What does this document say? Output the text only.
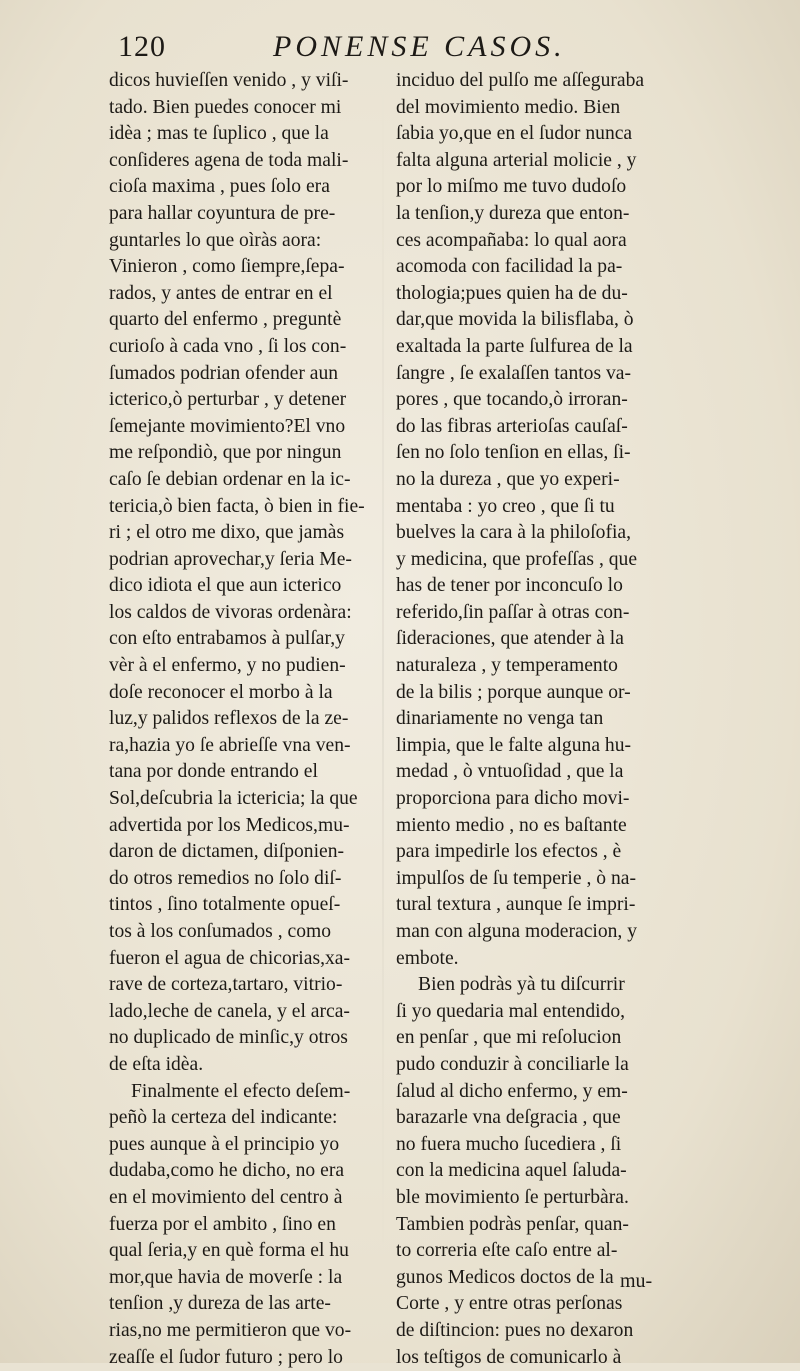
120	PONENSE CASOS.
dicos huvieſſen venido , y viſi-
tado. Bien puedes conocer mi
idèa ; mas te ſuplico , que la
conſideres agena de toda mali-
cioſa maxima , pues ſolo era
para hallar coyuntura de pre-
guntarles lo que oìràs aora:
Vinieron , como ſiempre,ſepa-
rados, y antes de entrar en el
quarto del enfermo , preguntè
curioſo à cada vno , ſi los con-
ſumados podrian ofender aun
icterico,ò perturbar , y detener
ſemejante movimiento?El vno
me reſpondiò, que por ningun
caſo ſe debian ordenar en la ic-
tericia,ò bien facta, ò bien in fie-
ri ; el otro me dixo, que jamàs
podrian aprovechar,y ſeria Me-
dico idiota el que aun icterico
los caldos de vivoras ordenàra:
con eſto entrabamos à pulſar,y
vèr à el enfermo, y no pudien-
doſe reconocer el morbo à la
luz,y palidos reflexos de la ze-
ra,hazia yo ſe abrieſſe vna ven-
tana por donde entrando el
Sol,deſcubria la ictericia; la que
advertida por los Medicos,mu-
daron de dictamen, diſponien-
do otros remedios no ſolo diſ-
tintos , ſino totalmente opueſ-
tos à los conſumados , como
fueron el agua de chicorias,xa-
rave de corteza,tartaro, vitrio-
lado,leche de canela, y el arca-
no duplicado de minſic,y otros
de eſta idèa.
Finalmente el efecto deſem-
peñò la certeza del indicante:
pues aunque à el principio yo
dudaba,como he dicho, no era
en el movimiento del centro à
fuerza por el ambito , ſino en
qual ſeria,y en què forma el hu
mor,que havia de moverſe : la
tenſion ,y dureza de las arte-
rias,no me permitieron que vo-
zeaſſe el ſudor futuro ; pero lo
inciduo del pulſo me aſſeguraba
del movimiento medio. Bien
ſabia yo,que en el ſudor nunca
falta alguna arterial molicie , y
por lo miſmo me tuvo dudoſo
la tenſion,y dureza que enton-
ces acompañaba: lo qual aora
acomoda con facilidad la pa-
thologia;pues quien ha de du-
dar,que movida la bilisflaba, ò
exaltada la parte ſulfurea de la
ſangre , ſe exalaſſen tantos va-
pores , que tocando,ò irroran-
do las fibras arterioſas cauſaſ-
ſen no ſolo tenſion en ellas, ſi-
no la dureza , que yo experi-
mentaba : yo creo , que ſi tu
buelves la cara à la philoſofia,
y medicina, que profeſſas , que
has de tener por inconcuſo lo
referido,ſin paſſar à otras con-
ſideraciones, que atender à la
naturaleza , y temperamento
de la bilis ; porque aunque or-
dinariamente no venga tan
limpia, que le falte alguna hu-
medad , ò vntuoſidad , que la
proporciona para dicho movi-
miento medio , no es baſtante
para impedirle los efectos , è
impulſos de ſu temperie , ò na-
tural textura , aunque ſe impri-
man con alguna moderacion, y
embote.
Bien podràs yà tu diſcurrir
ſi yo quedaria mal entendido,
en penſar , que mi reſolucion
pudo conduzir à conciliarle la
ſalud al dicho enfermo, y em-
barazarle vna deſgracia , que
no fuera mucho ſucediera , ſi
con la medicina aquel ſaluda-
ble movimiento ſe perturbàra.
Tambien podràs penſar, quan-
to correria eſte caſo entre al-
gunos Medicos doctos de la
Corte , y entre otras perſonas
de diſtincion: pues no dexaron
los teſtigos de comunicarlo à
mu-
